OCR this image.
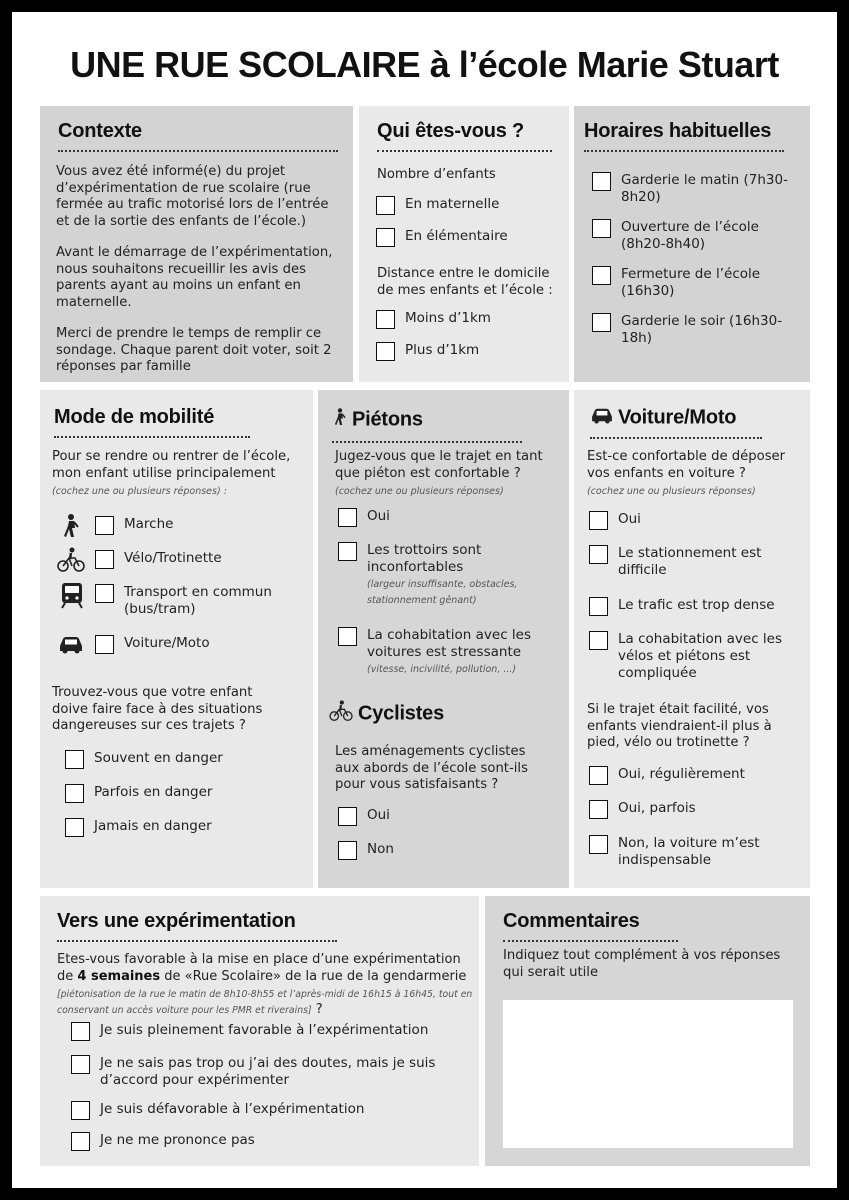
UNE RUE SCOLAIRE à l’école Marie Stuart
Contexte

Vous avez été informé(e) du projet d’expérimentation de rue scolaire (rue fermée au trafic motorisé lors de l’entrée et de la sortie des enfants de l’école.)

Avant le démarrage de l’expérimentation, nous souhaitons recueillir les avis des parents ayant au moins un enfant en maternelle.

Merci de prendre le temps de remplir ce sondage. Chaque parent doit voter, soit 2 réponses par famille

Qui êtes-vous ?
Nombre d’enfants
En maternelle
En élémentaire
Distance entre le domicile de mes enfants et l’école :
Moins d’1km
Plus d’1km
Horaires habituelles
Garderie le matin (7h30-8h20)
Ouverture de l’école (8h20-8h40)
Fermeture de l’école (16h30)
Garderie le soir (16h30-18h)
Mode de mobilité
Pour se rendre ou rentrer de l’école, mon enfant utilise principalement
(cochez une ou plusieurs réponses) :
Marche
Vélo/Trotinette
Transport en commun (bus/tram)
Voiture/Moto
Trouvez-vous que votre enfant doive faire face à des situations dangereuses sur ces trajets ?
Souvent en danger
Parfois en danger
Jamais en danger
Piétons
Jugez-vous que le trajet en tant que piéton est confortable ?
(cochez une ou plusieurs réponses)
Oui
Les trottoirs sont inconfortables
(largeur insuffisante, obstacles, stationnement gênant)
La cohabitation avec les voitures est stressante
(vitesse, incivilité, pollution, ...)
Cyclistes
Les aménagements cyclistes aux abords de l’école sont-ils pour vous satisfaisants ?
Oui
Non
Voiture/Moto
Est-ce confortable de déposer vos enfants en voiture ?
(cochez une ou plusieurs réponses)
Oui
Le stationnement est difficile
Le trafic est trop dense
La cohabitation avec les vélos et piétons est compliquée
Si le trajet était facilité, vos enfants viendraient-il plus à pied, vélo ou trotinette ?
Oui, régulièrement
Oui, parfois
Non, la voiture m’est indispensable
Vers une expérimentation
Etes-vous favorable à la mise en place d’une expérimentation de 4 semaines de «Rue Scolaire» de la rue de la gendarmerie
[piétonisation de la rue le matin de 8h10-8h55 et l’après-midi de 16h15 à 16h45, tout en conservant un accès voiture pour les PMR et riverains] ?
Je suis pleinement favorable à l’expérimentation
Je ne sais pas trop ou j’ai des doutes, mais je suis d’accord pour expérimenter
Je suis défavorable à l’expérimentation
Je ne me prononce pas
Commentaires
Indiquez tout complément à vos réponses qui serait utile
